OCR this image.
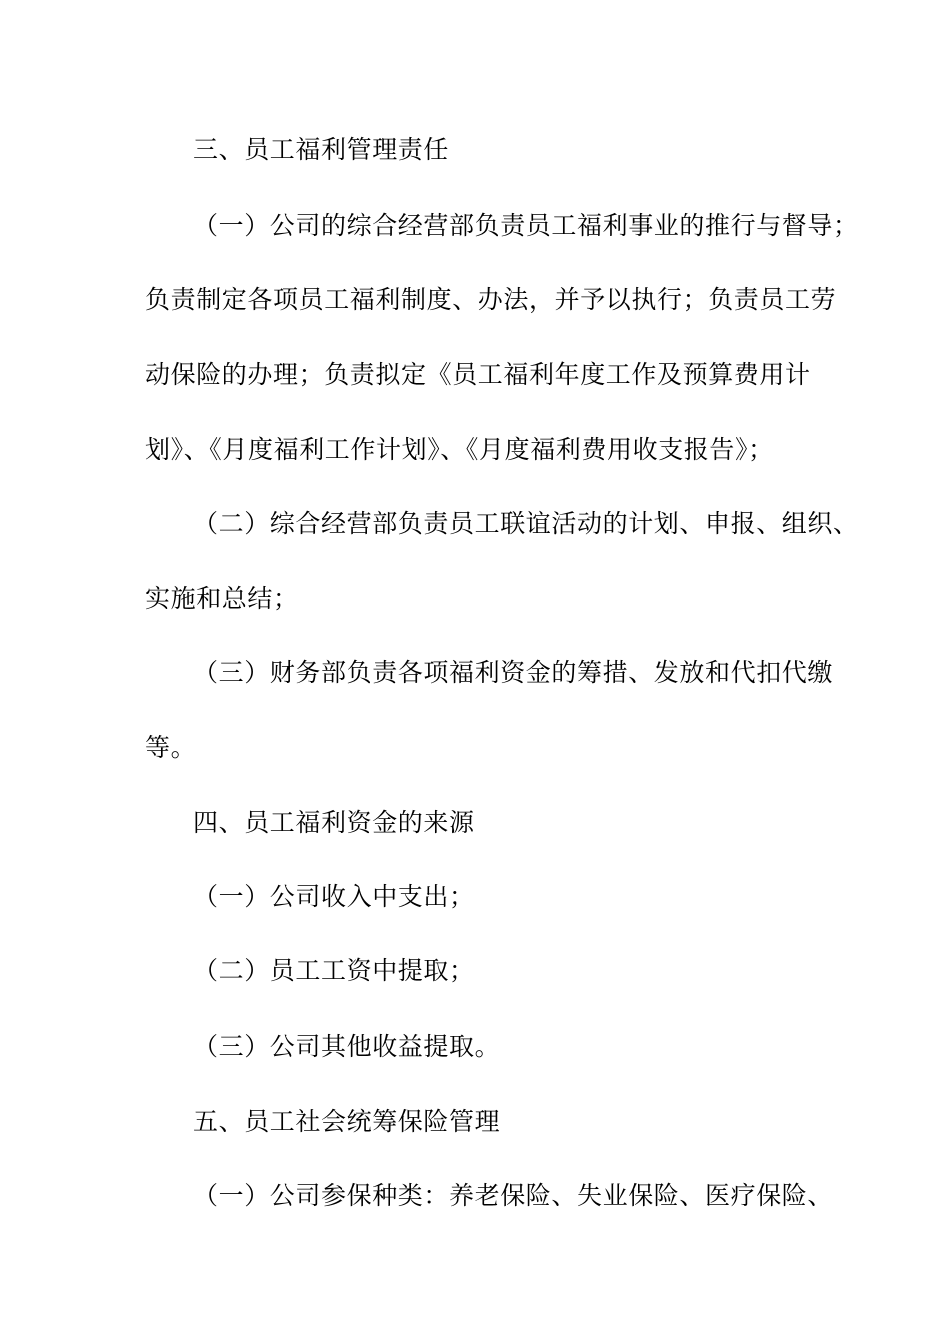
三、员工福利管理责任
（一）公司的综合经营部负责员工福利事业的推行与督导；
负责制定各项员工福利制度、办法，并予以执行；负责员工劳
动保险的办理；负责拟定《员工福利年度工作及预算费用计
划》、《月度福利工作计划》、《月度福利费用收支报告》；
（二）综合经营部负责员工联谊活动的计划、申报、组织、
实施和总结；
（三）财务部负责各项福利资金的筹措、发放和代扣代缴
等。
四、员工福利资金的来源
（一）公司收入中支出；
（二）员工工资中提取；
（三）公司其他收益提取。
五、员工社会统筹保险管理
（一）公司参保种类：养老保险、失业保险、医疗保险、
